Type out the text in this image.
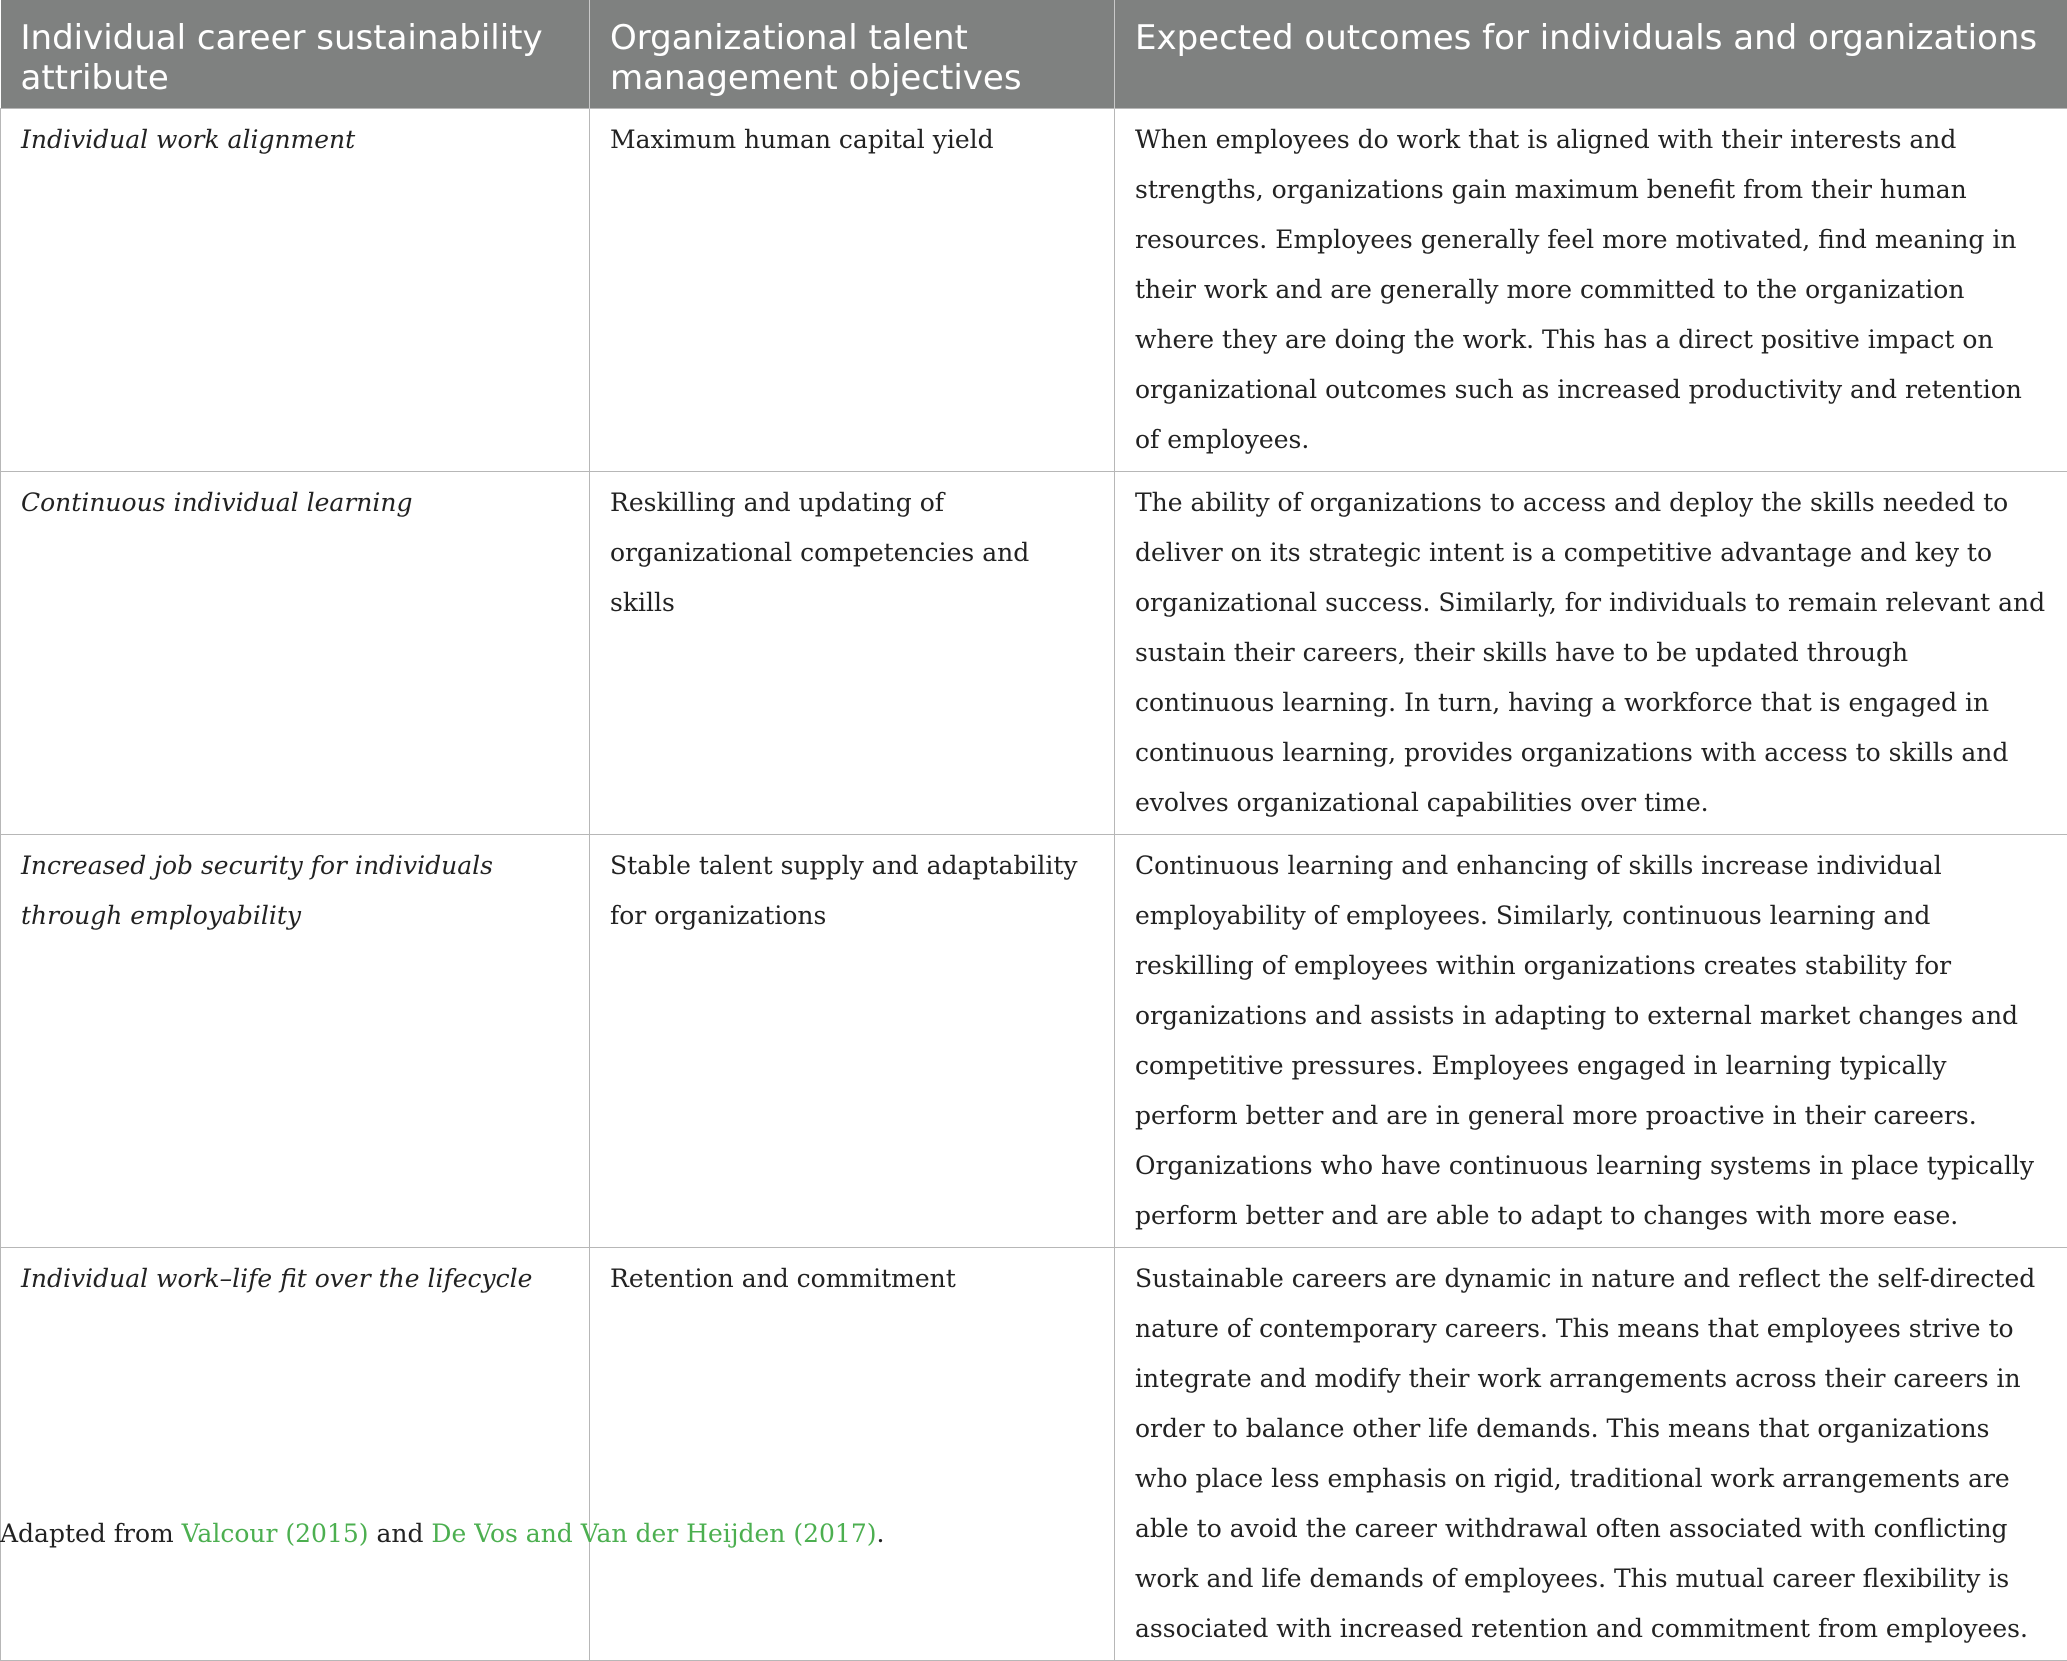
Individual career sustainability attribute	Organizational talent management objectives	Expected outcomes for individuals and organizations
Individual work alignment	Maximum human capital yield	When employees do work that is aligned with their interests and strengths, organizations gain maximum benefit from their human resources. Employees generally feel more motivated, find meaning in their work and are generally more committed to the organization where they are doing the work. This has a direct positive impact on organizational outcomes such as increased productivity and retention of employees.
Continuous individual learning	Reskilling and updating of organizational competencies and skills	The ability of organizations to access and deploy the skills needed to deliver on its strategic intent is a competitive advantage and key to organizational success. Similarly, for individuals to remain relevant and sustain their careers, their skills have to be updated through continuous learning. In turn, having a workforce that is engaged in continuous learning, provides organizations with access to skills and evolves organizational capabilities over time.
Increased job security for individuals through employability	Stable talent supply and adaptability for organizations	Continuous learning and enhancing of skills increase individual employability of employees. Similarly, continuous learning and reskilling of employees within organizations creates stability for organizations and assists in adapting to external market changes and competitive pressures. Employees engaged in learning typically perform better and are in general more proactive in their careers. Organizations who have continuous learning systems in place typically perform better and are able to adapt to changes with more ease.
Individual work–life fit over the lifecycle	Retention and commitment	Sustainable careers are dynamic in nature and reflect the self-directed nature of contemporary careers. This means that employees strive to integrate and modify their work arrangements across their careers in order to balance other life demands. This means that organizations who place less emphasis on rigid, traditional work arrangements are able to avoid the career withdrawal often associated with conflicting work and life demands of employees. This mutual career flexibility is associated with increased retention and commitment from employees.
Adapted from Valcour (2015) and De Vos and Van der Heijden (2017).
